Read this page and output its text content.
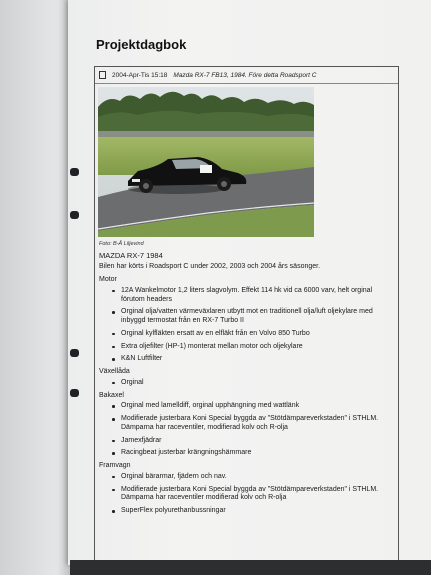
Projektdagbok
2004-Apr-Tis 15:18 Mazda RX-7 FB13, 1984. Före detta Roadsport C
Foto: B-Å Liljevind

MAZDA RX-7 1984

Bilen har körts i Roadsport C under 2002, 2003 och 2004 års säsonger.

Motor

12A Wankelmotor 1,2 liters slagvolym. Effekt 114 hk vid ca 6000 varv, helt orginal förutom headers
Orginal olja/vatten värmeväxlaren utbytt mot en traditionell olja/luft oljekylare med inbyggd termostat från en RX-7 Turbo II
Orginal kylfläkten ersatt av en elfläkt från en Volvo 850 Turbo
Extra oljefilter (HP-1) monterat mellan motor och oljekylare
K&N Luftfilter

Växellåda

Orginal

Bakaxel

Orginal med lamelldiff, orginal upphängning med wattlänk
Modifierade justerbara Koni Special byggda av "Stötdämpareverkstaden" i STHLM. Dämparna har raceventiler, modifierad kolv och R-olja
Jamexfjädrar
Racingbeat justerbar krängningshämmare

Framvagn

Orginal bärarmar, fjädern och nav.
Modifierade justerbara Koni Special byggda av "Stötdämpareverkstaden" i STHLM. Dämparna har raceventiler modifierad kolv och R-olja
SuperFlex polyurethanbussningar
